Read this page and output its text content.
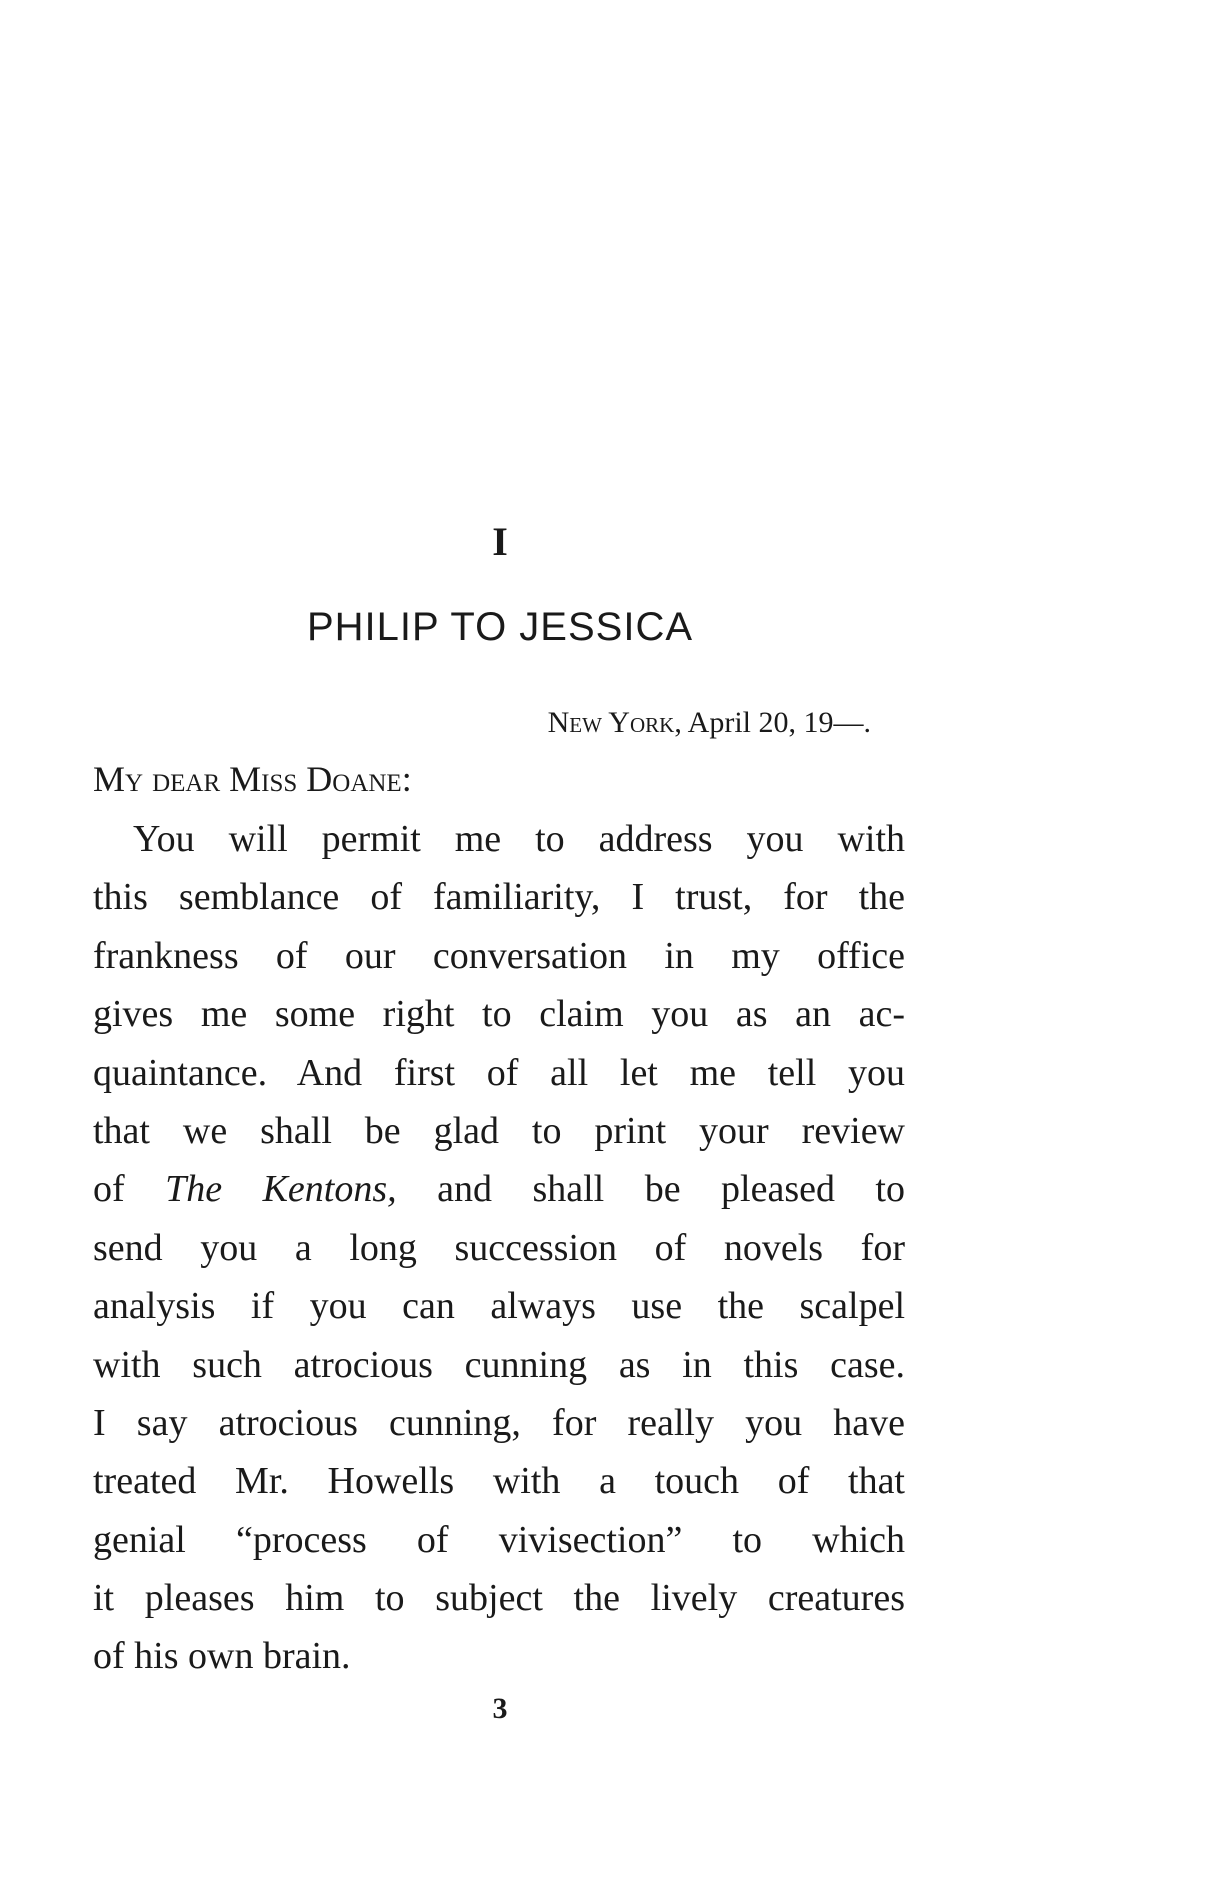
I
PHILIP TO JESSICA
New York, April 20, 19—.
My dear Miss Doane:
You will permit me to address you with
this semblance of familiarity, I trust, for the
frankness of our conversation in my office
gives me some right to claim you as an ac-
quaintance. And first of all let me tell you
that we shall be glad to print your review
of The Kentons, and shall be pleased to
send you a long succession of novels for
analysis if you can always use the scalpel
with such atrocious cunning as in this case.
I say atrocious cunning, for really you have
treated Mr. Howells with a touch of that
genial “process of vivisection” to which
it pleases him to subject the lively creatures
of his own brain.
3
